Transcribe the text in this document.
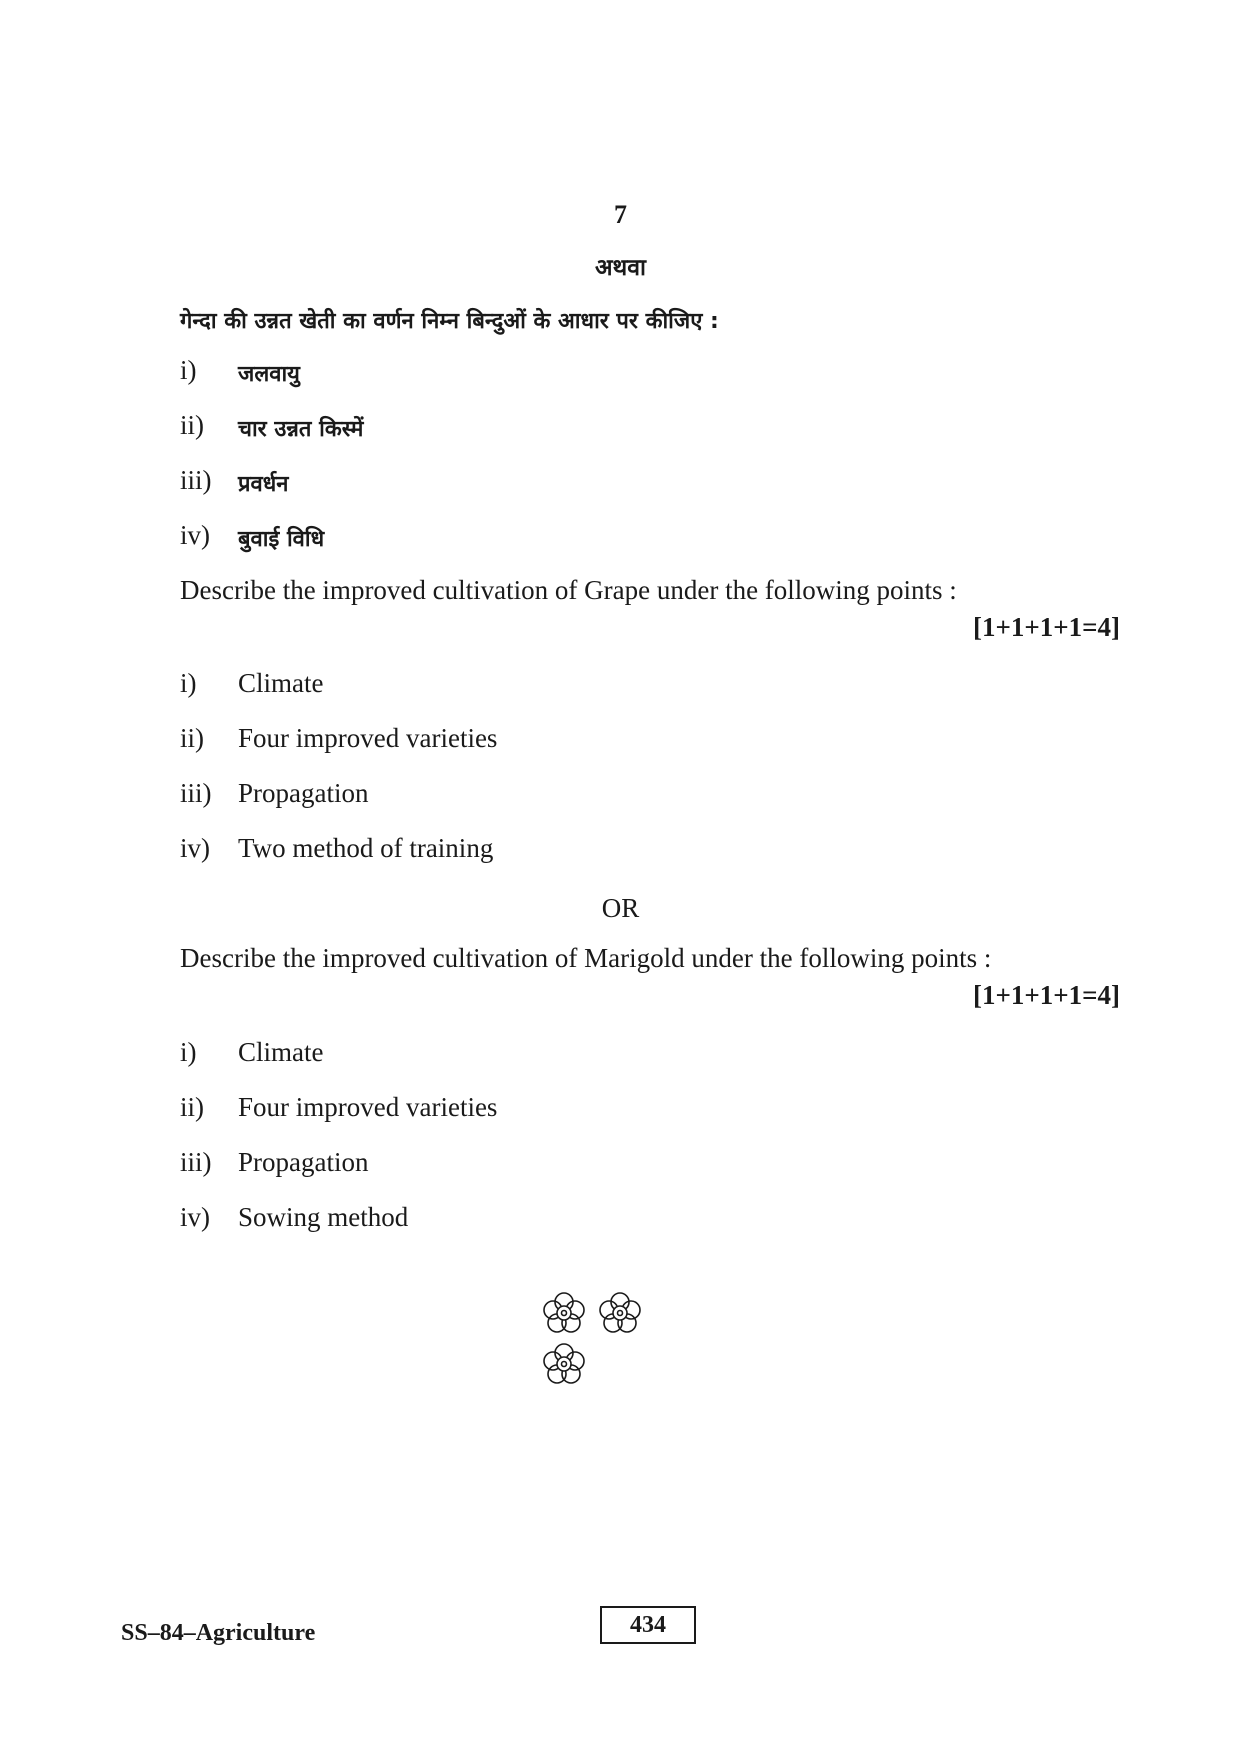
7
अथवा
गेन्दा की उन्नत खेती का वर्णन निम्न बिन्दुओं के आधार पर कीजिए :
i)	जलवायु
ii)	चार उन्नत किस्में
iii)	प्रवर्धन
iv)	बुवाई विधि
Describe the improved cultivation of Grape under the following points :
[1+1+1+1=4]
i)	Climate
ii)	Four improved varieties
iii) Propagation
iv)	Two method of training
OR
Describe the improved cultivation of Marigold under the following points :
[1+1+1+1=4]
i)	Climate
ii)	Four improved varieties
iii) Propagation
iv)	Sowing method

SS–84–Agriculture	434
